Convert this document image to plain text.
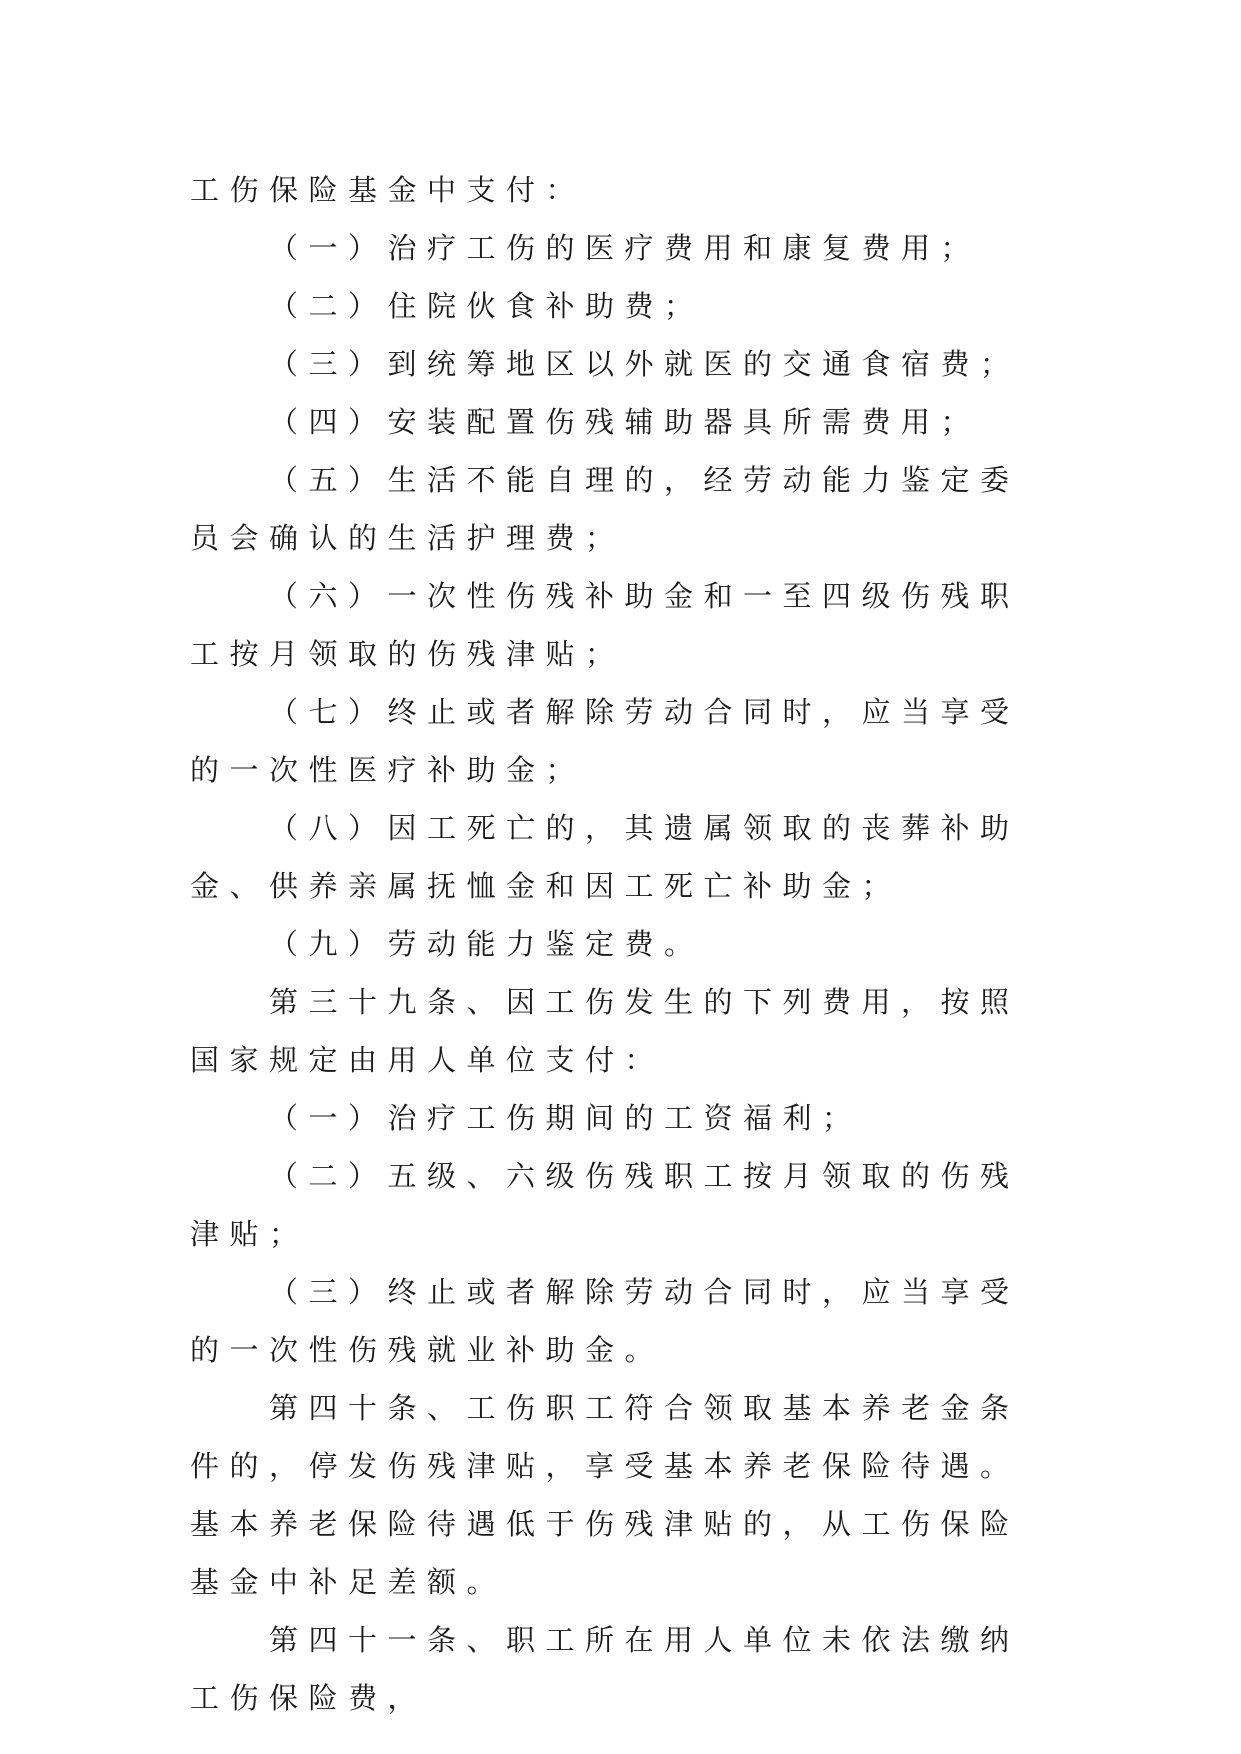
工伤保险基金中支付：

（一）治疗工伤的医疗费用和康复费用；

（二）住院伙食补助费；

（三）到统筹地区以外就医的交通食宿费；

（四）安装配置伤残辅助器具所需费用；

（五）生活不能自理的，经劳动能力鉴定委员会确认的生活护理费；

（六）一次性伤残补助金和一至四级伤残职工按月领取的伤残津贴；

（七）终止或者解除劳动合同时，应当享受的一次性医疗补助金；

（八）因工死亡的，其遗属领取的丧葬补助金、供养亲属抚恤金和因工死亡补助金；

（九）劳动能力鉴定费。

第三十九条、因工伤发生的下列费用，按照国家规定由用人单位支付：

（一）治疗工伤期间的工资福利；

（二）五级、六级伤残职工按月领取的伤残津贴；

（三）终止或者解除劳动合同时，应当享受的一次性伤残就业补助金。

第四十条、工伤职工符合领取基本养老金条件的，停发伤残津贴，享受基本养老保险待遇。基本养老保险待遇低于伤残津贴的，从工伤保险基金中补足差额。

第四十一条、职工所在用人单位未依法缴纳工伤保险费，
